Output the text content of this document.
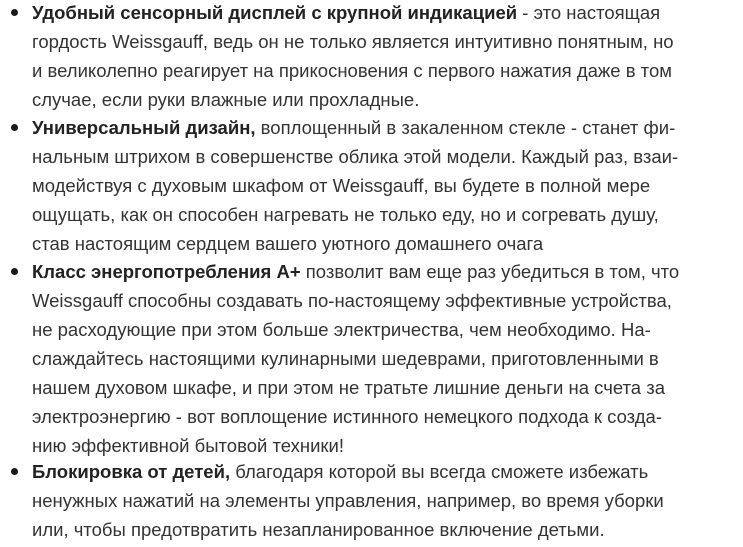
Удобный сенсорный дисплей с крупной индикацией - это настоящая
гордость Weissgauff, ведь он не только является интуитивно понятным, но
и великолепно реагирует на прикосновения с первого нажатия даже в том
случае, если руки влажные или прохладные.
Универсальный дизайн, воплощенный в закаленном стекле - станет фи-
нальным штрихом в совершенстве облика этой модели. Каждый раз, взаи-
модействуя с духовым шкафом от Weissgauff, вы будете в полной мере
ощущать, как он способен нагревать не только еду, но и согревать душу,
став настоящим сердцем вашего уютного домашнего очага
Класс энергопотребления А+ позволит вам еще раз убедиться в том, что
Weissgauff способны создавать по-настоящему эффективные устройства,
не расходующие при этом больше электричества, чем необходимо. На-
слаждайтесь настоящими кулинарными шедеврами, приготовленными в
нашем духовом шкафе, и при этом не тратьте лишние деньги на счета за
электроэнергию - вот воплощение истинного немецкого подхода к созда-
нию эффективной бытовой техники!
Блокировка от детей, благодаря которой вы всегда сможете избежать
ненужных нажатий на элементы управления, например, во время уборки
или, чтобы предотвратить незапланированное включение детьми.
